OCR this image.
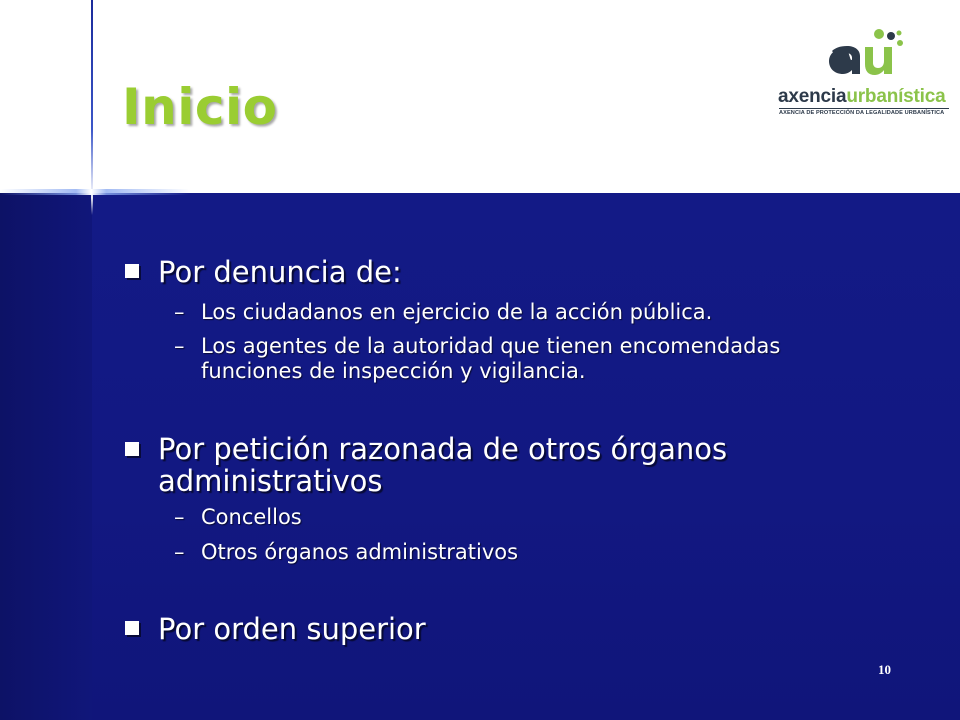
Inicio	axenciaurbanística
AXENCIA DE PROTECCIÓN DA LEGALIDADE URBANÍSTICA
Por denuncia de:
– Los ciudadanos en ejercicio de la acción pública.
– Los agentes de la autoridad que tienen encomendadas
funciones de inspección y vigilancia.
Por petición razonada de otros órganos
administrativos
– Concellos
– Otros órganos administrativos
Por orden superior
10
